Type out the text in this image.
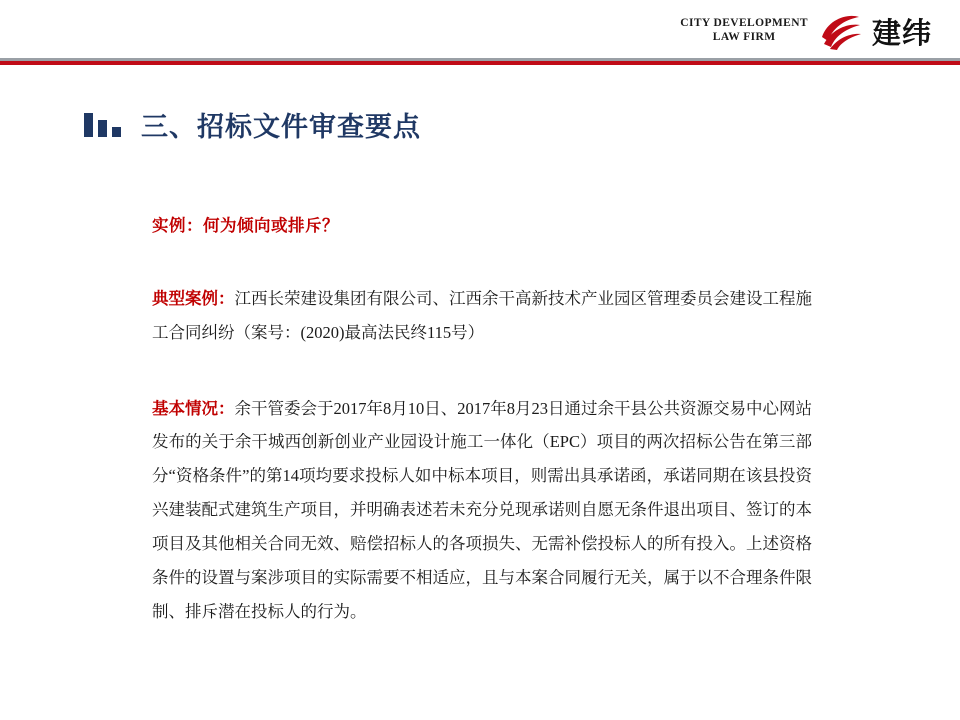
CITY DEVELOPMENT
LAW FIRM	建纬
三、招标文件审查要点

实例：何为倾向或排斥？

典型案例：江西长荣建设集团有限公司、江西余干高新技术产业园区管理委员会建设工程施工合同纠纷（案号：(2020)最高法民终115号）

基本情况：余干管委会于2017年8月10日、2017年8月23日通过余干县公共资源交易中心网站发布的关于余干城西创新创业产业园设计施工一体化（EPC）项目的两次招标公告在第三部分“资格条件”的第14项均要求投标人如中标本项目，则需出具承诺函，承诺同期在该县投资兴建装配式建筑生产项目，并明确表述若未充分兑现承诺则自愿无条件退出项目、签订的本项目及其他相关合同无效、赔偿招标人的各项损失、无需补偿投标人的所有投入。上述资格条件的设置与案涉项目的实际需要不相适应，且与本案合同履行无关，属于以不合理条件限制、排斥潜在投标人的行为。
